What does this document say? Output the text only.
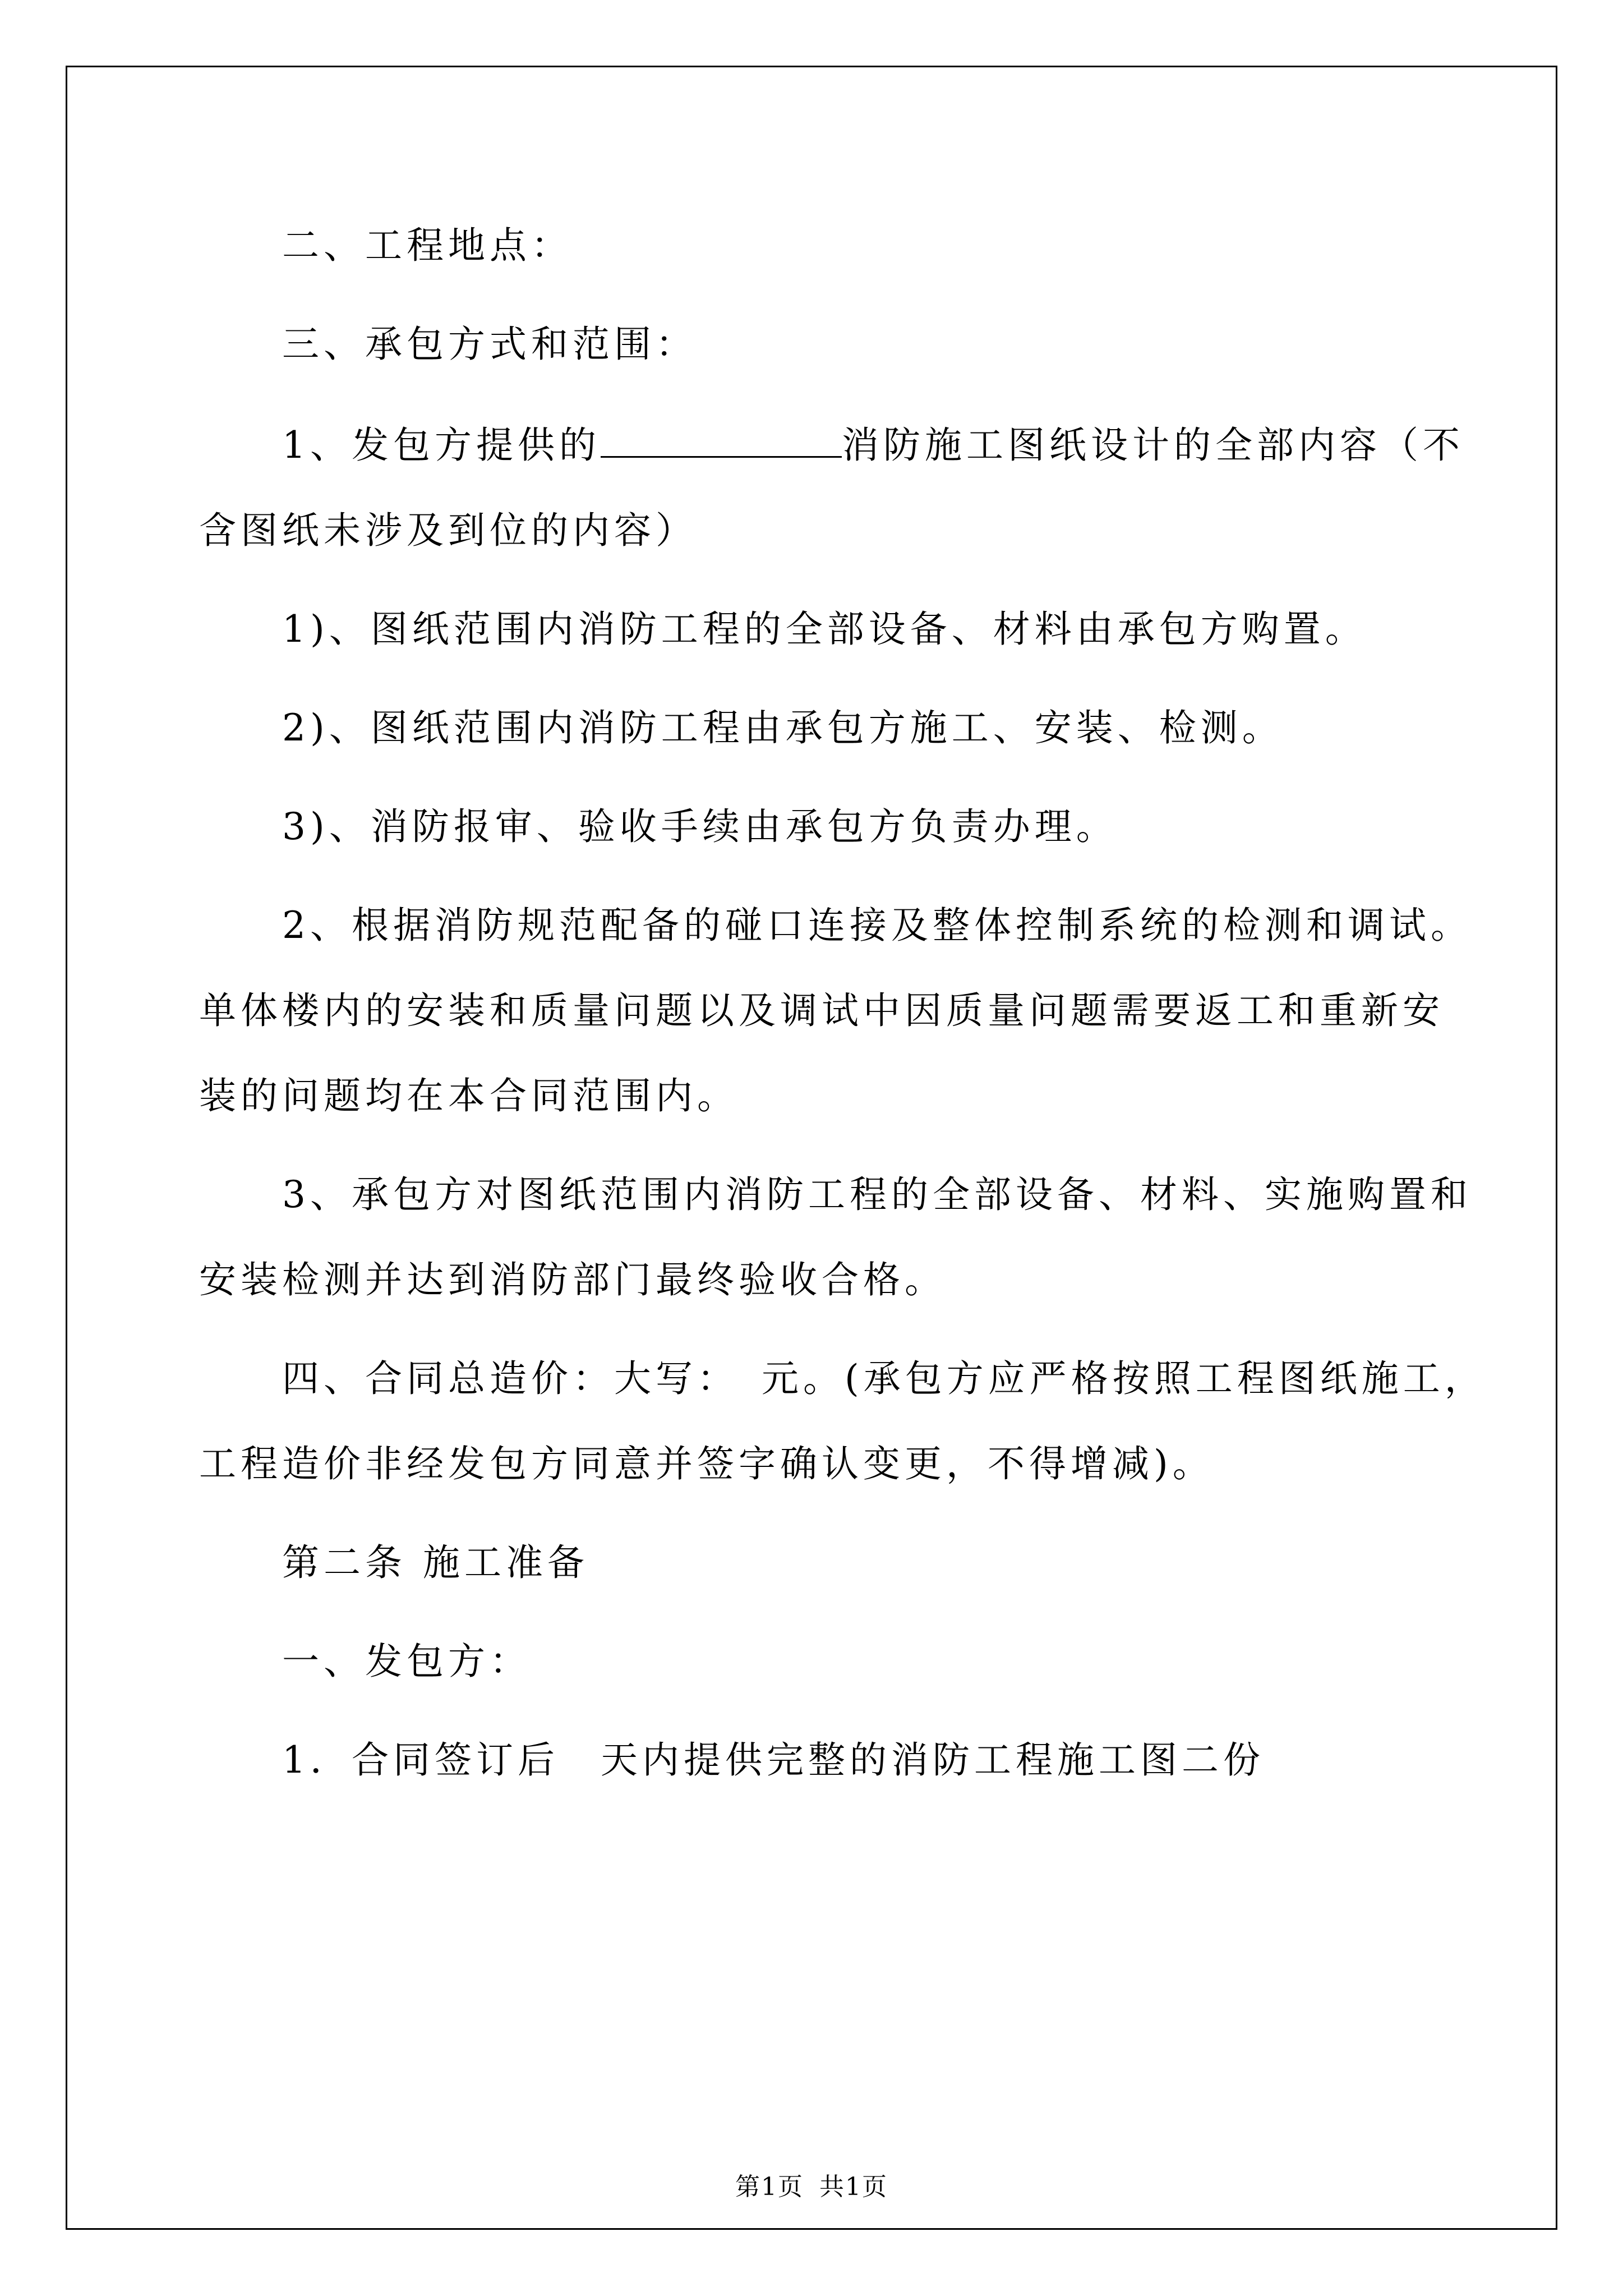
二、工程地点：

三、承包方式和范围：

1、发包方提供的	消防施工图纸设计的全部内容（不

含图纸未涉及到位的内容）

1)、图纸范围内消防工程的全部设备、材料由承包方购置。

2)、图纸范围内消防工程由承包方施工、安装、检测。

3)、消防报审、验收手续由承包方负责办理。

2、根据消防规范配备的碰口连接及整体控制系统的检测和调试。

单体楼内的安装和质量问题以及调试中因质量问题需要返工和重新安

装的问题均在本合同范围内。

3、承包方对图纸范围内消防工程的全部设备、材料、实施购置和

安装检测并达到消防部门最终验收合格。

四、合同总造价：大写：　元。(承包方应严格按照工程图纸施工，

工程造价非经发包方同意并签字确认变更，不得增减)。

第二条 施工准备

一、发包方：

1．合同签订后　天内提供完整的消防工程施工图二份

第1页 共1页
